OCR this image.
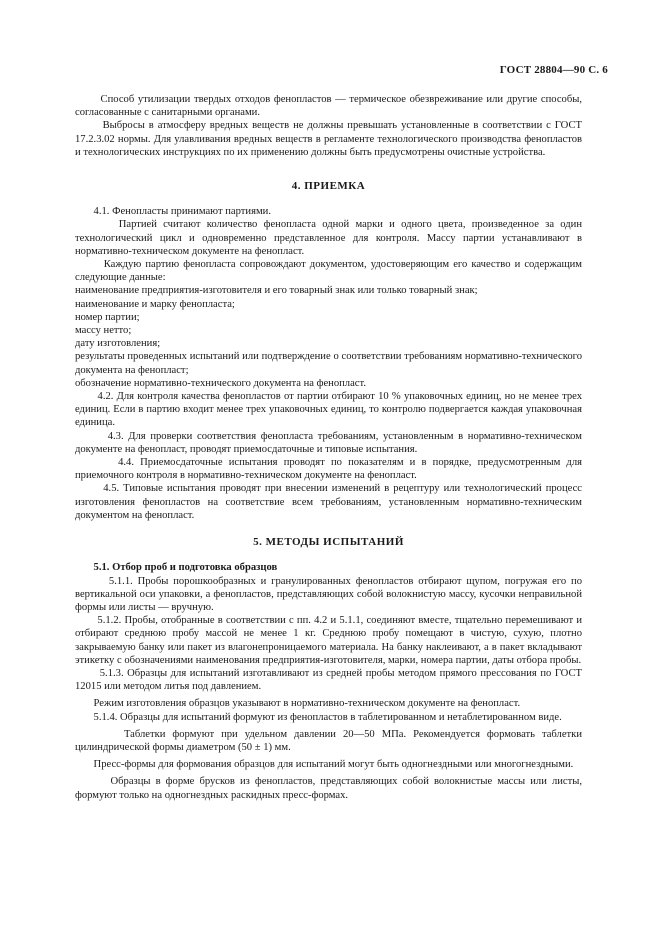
ГОСТ 28804—90 С. 6

Способ утилизации твердых отходов фенопластов — термическое обезвреживание или другие способы, согласованные с санитарными органами.

Выбросы в атмосферу вредных веществ не должны превышать установленные в соответствии с ГОСТ 17.2.3.02 нормы. Для улавливания вредных веществ в регламенте технологического производства фенопластов и технологических инструкциях по их применению должны быть предусмотрены очистные устройства.

4. ПРИЕМКА

4.1. Фенопласты принимают партиями.

Партией считают количество фенопласта одной марки и одного цвета, произведенное за один технологический цикл и одновременно представленное для контроля. Массу партии устанавливают в нормативно-техническом документе на фенопласт.

Каждую партию фенопласта сопровождают документом, удостоверяющим его качество и содержащим следующие данные:

наименование предприятия-изготовителя и его товарный знак или только товарный знак;

наименование и марку фенопласта;

номер партии;

массу нетто;

дату изготовления;

результаты проведенных испытаний или подтверждение о соответствии требованиям нормативно-технического документа на фенопласт;

обозначение нормативно-технического документа на фенопласт.

4.2. Для контроля качества фенопластов от партии отбирают 10 % упаковочных единиц, но не менее трех единиц. Если в партию входит менее трех упаковочных единиц, то контролю подвергается каждая упаковочная единица.

4.3. Для проверки соответствия фенопласта требованиям, установленным в нормативно-техническом документе на фенопласт, проводят приемосдаточные и типовые испытания.

4.4. Приемосдаточные испытания проводят по показателям и в порядке, предусмотренным для приемочного контроля в нормативно-техническом документе на фенопласт.

4.5. Типовые испытания проводят при внесении изменений в рецептуру или технологический процесс изготовления фенопластов на соответствие всем требованиям, установленным нормативно-техническим документом на фенопласт.

5. МЕТОДЫ ИСПЫТАНИЙ

5.1. Отбор проб и подготовка образцов

5.1.1. Пробы порошкообразных и гранулированных фенопластов отбирают щупом, погружая его по вертикальной оси упаковки, а фенопластов, представляющих собой волокнистую массу, кусочки неправильной формы или листы — вручную.

5.1.2. Пробы, отобранные в соответствии с пп. 4.2 и 5.1.1, соединяют вместе, тщательно перемешивают и отбирают среднюю пробу массой не менее 1 кг. Среднюю пробу помещают в чистую, сухую, плотно закрываемую банку или пакет из влагонепроницаемого материала. На банку наклеивают, а в пакет вкладывают этикетку с обозначениями наименования предприятия-изготовителя, марки, номера партии, даты отбора пробы.

5.1.3. Образцы для испытаний изготавливают из средней пробы методом прямого прессования по ГОСТ 12015 или методом литья под давлением.

Режим изготовления образцов указывают в нормативно-техническом документе на фенопласт.

5.1.4. Образцы для испытаний формуют из фенопластов в таблетированном и нетаблетированном виде.

Таблетки формуют при удельном давлении 20—50 МПа. Рекомендуется формовать таблетки цилиндрической формы диаметром (50 ± 1) мм.

Пресс-формы для формования образцов для испытаний могут быть одногнездными или многогнездными.

Образцы в форме брусков из фенопластов, представляющих собой волокнистые массы или листы, формуют только на одногнездных раскидных пресс-формах.
